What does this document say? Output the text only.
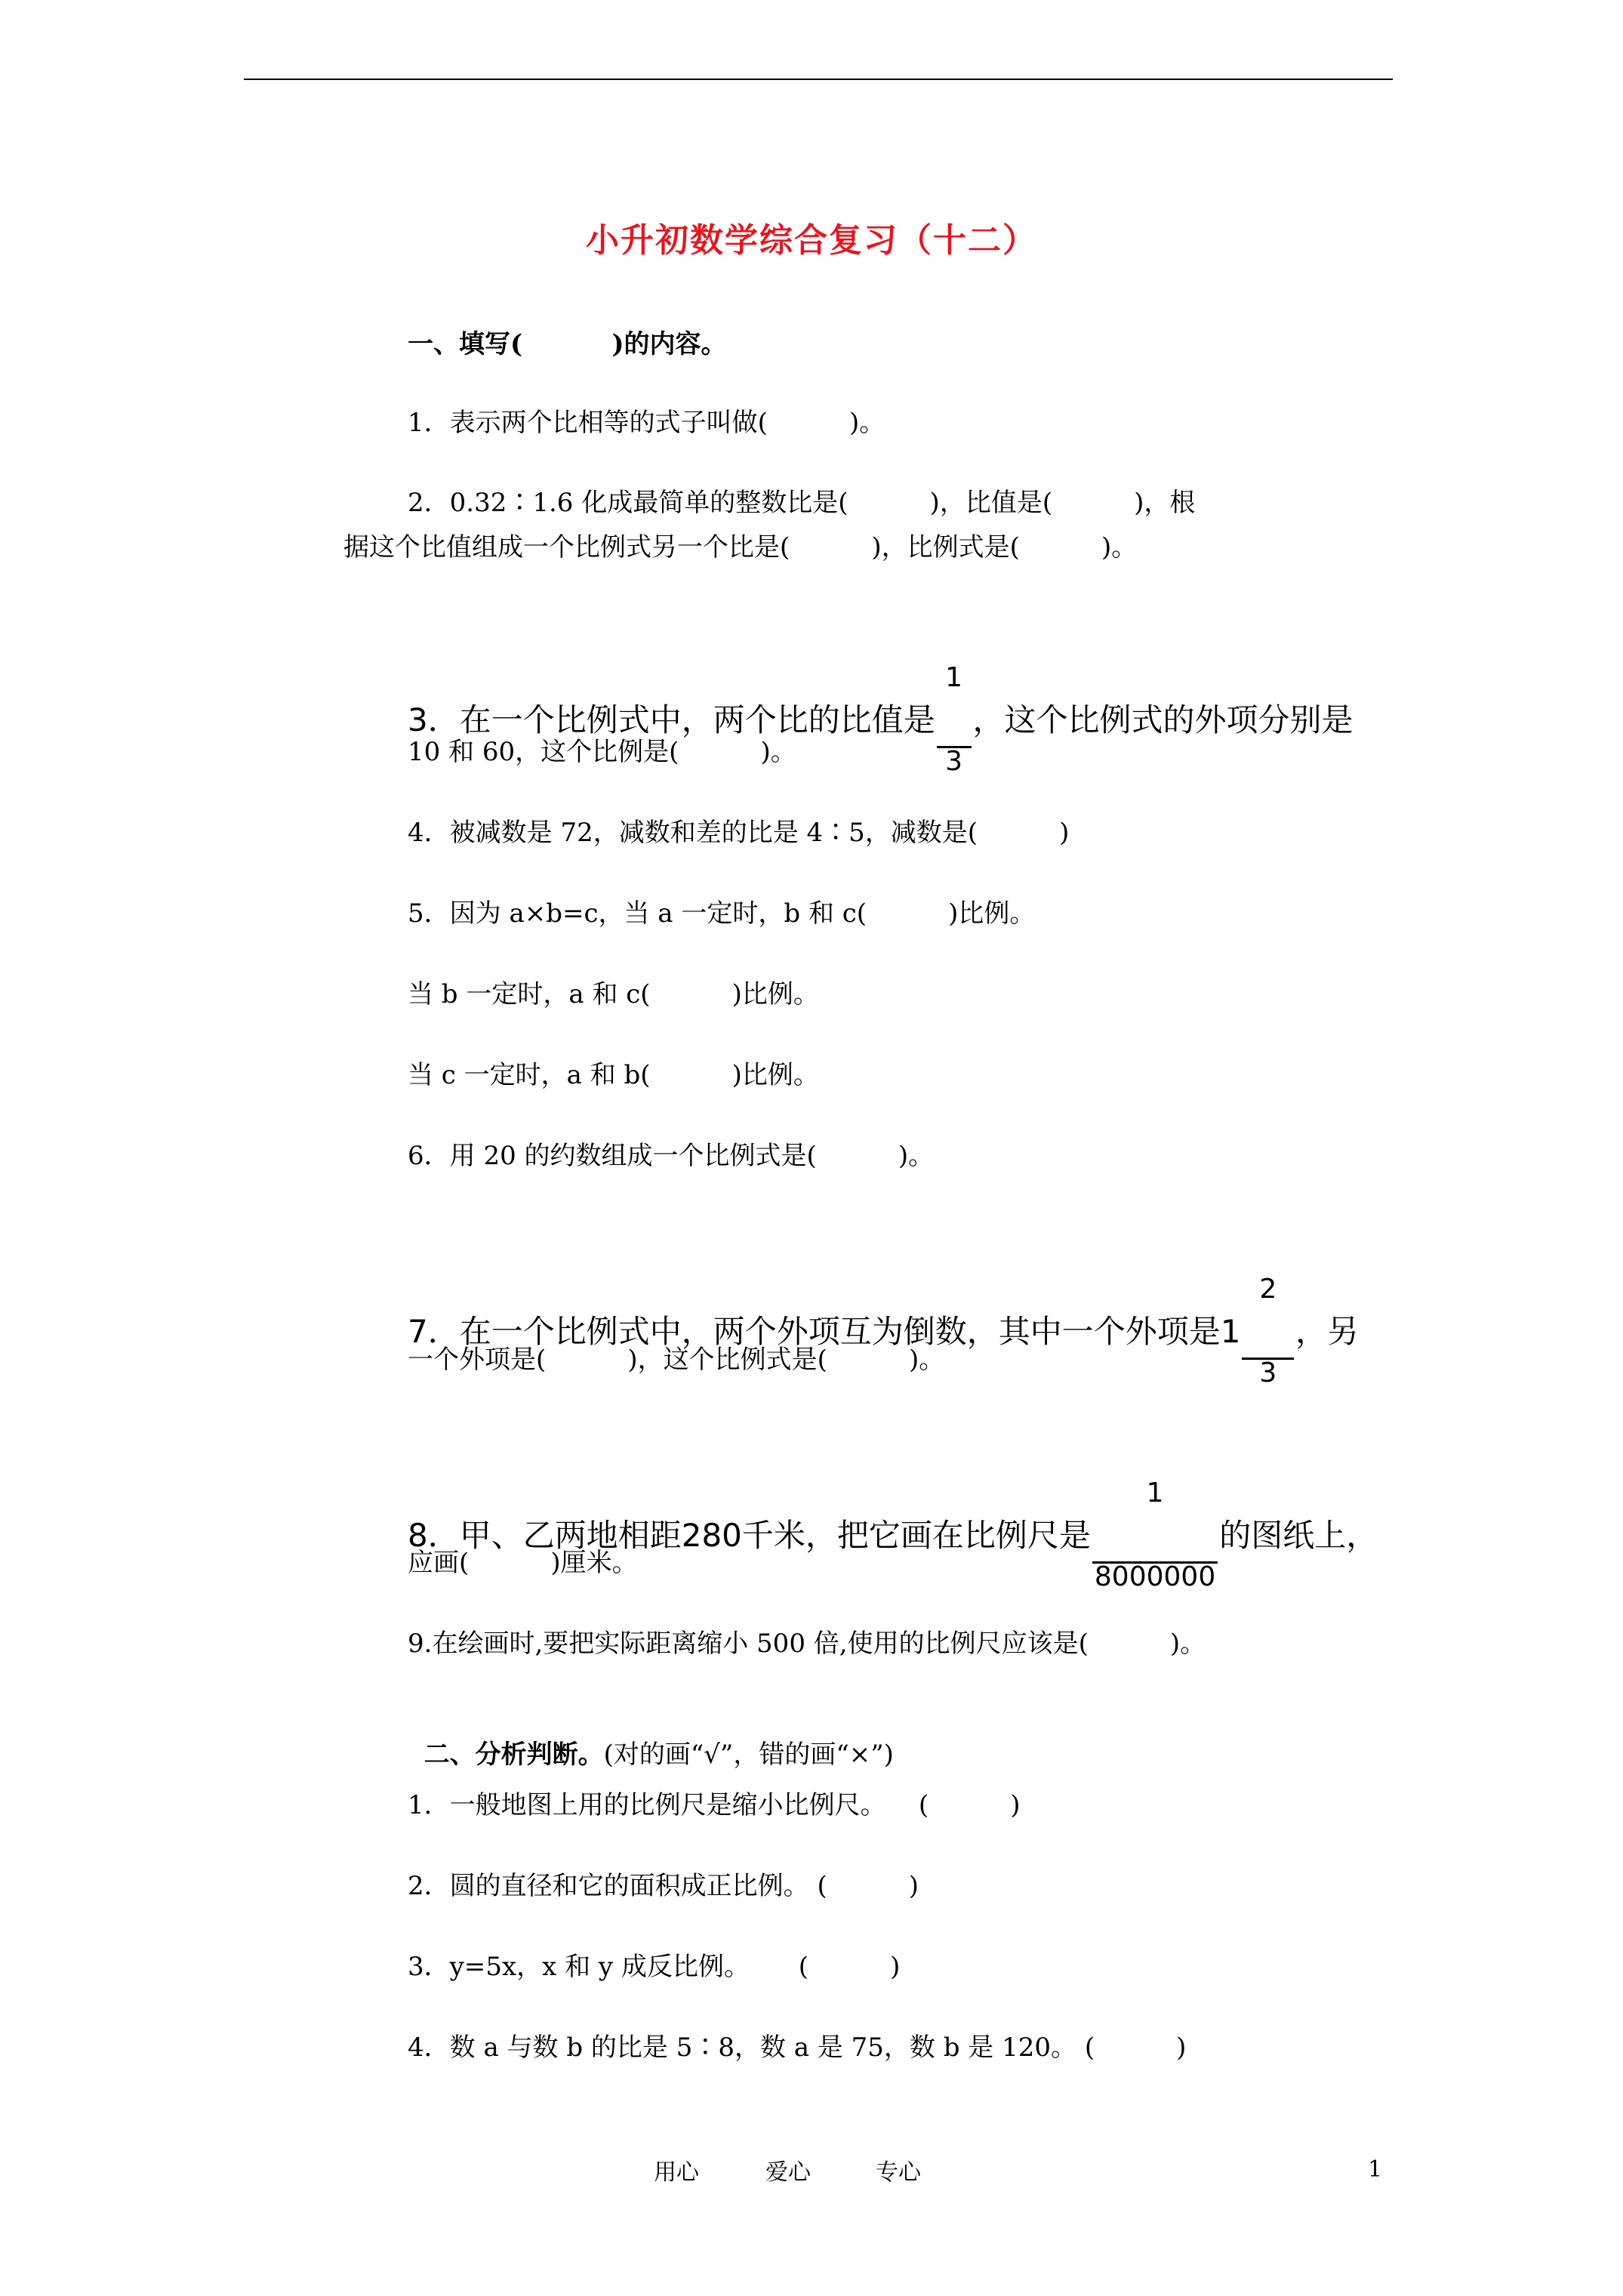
小升初数学综合复习（十二）
一、填写(          )的内容。
1．表示两个比相等的式子叫做(          )。
2．0.32∶1.6 化成最简单的整数比是(          )，比值是(          )，根
据这个比值组成一个比例式另一个比是(          )，比例式是(          )。
3．在一个比例式中，两个比的比值是

$\frac{1}{3}$

，这个比例式的外项分别是
10 和 60，这个比例是(          )。
4．被减数是 72，减数和差的比是 4∶5，减数是(          )
5．因为 a×b=c，当 a 一定时，b 和 c(          )比例。
当 b 一定时，a 和 c(          )比例。
当 c 一定时，a 和 b(          )比例。
6．用 20 的约数组成一个比例式是(          )。
7．在一个比例式中，两个外项互为倒数，其中一个外项是 1

$\frac{2}{3}$

，另
一个外项是(          )，这个比例式是(          )。
8．甲、乙两地相距280千米，把它画在比例尺是

$\frac{1}{8000000}$

的图纸上，
应画(          )厘米。
9.在绘画时,要把实际距离缩小 500 倍,使用的比例尺应该是(          )。

二、分析判断。(对的画“√”，错的画“×”)

1．一般地图上用的比例尺是缩小比例尺。    (          )
2．圆的直径和它的面积成正比例。 (          )
3．y=5x，x 和 y 成反比例。      (          )
4．数 a 与数 b 的比是 5∶8，数 a 是 75，数 b 是 120。 (          )
用心	爱心	专心	1
